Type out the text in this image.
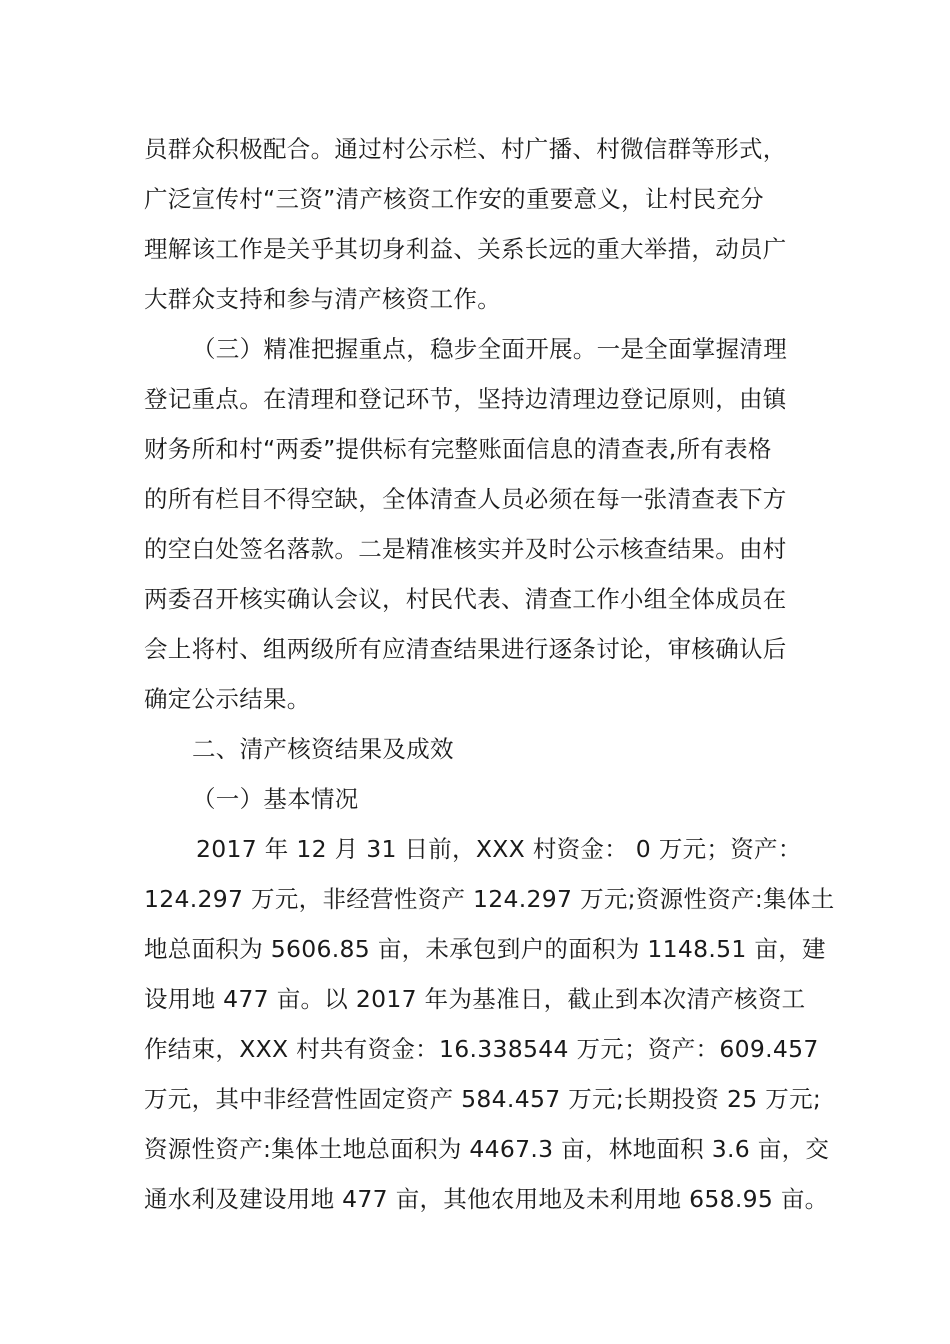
员群众积极配合。通过村公示栏、村广播、村微信群等形式，
广泛宣传村“三资”清产核资工作安的重要意义，让村民充分
理解该工作是关乎其切身利益、关系长远的重大举措，动员广
大群众支持和参与清产核资工作。
（三）精准把握重点，稳步全面开展。一是全面掌握清理
登记重点。在清理和登记环节，坚持边清理边登记原则，由镇
财务所和村“两委”提供标有完整账面信息的清查表,所有表格
的所有栏目不得空缺，全体清查人员必须在每一张清查表下方
的空白处签名落款。二是精准核实并及时公示核查结果。由村
两委召开核实确认会议，村民代表、清查工作小组全体成员在
会上将村、组两级所有应清查结果进行逐条讨论，审核确认后
确定公示结果。
二、清产核资结果及成效
（一）基本情况
2017 年 12 月 31 日前，XXX 村资金： 0 万元；资产：
124.297 万元，非经营性资产 124.297 万元;资源性资产:集体土
地总面积为 5606.85 亩，未承包到户的面积为 1148.51 亩，建
设用地 477 亩。以 2017 年为基准日，截止到本次清产核资工
作结束，XXX 村共有资金：16.338544 万元；资产：609.457
万元，其中非经营性固定资产 584.457 万元;长期投资 25 万元;
资源性资产:集体土地总面积为 4467.3 亩，林地面积 3.6 亩，交
通水利及建设用地 477 亩，其他农用地及未利用地 658.95 亩。
